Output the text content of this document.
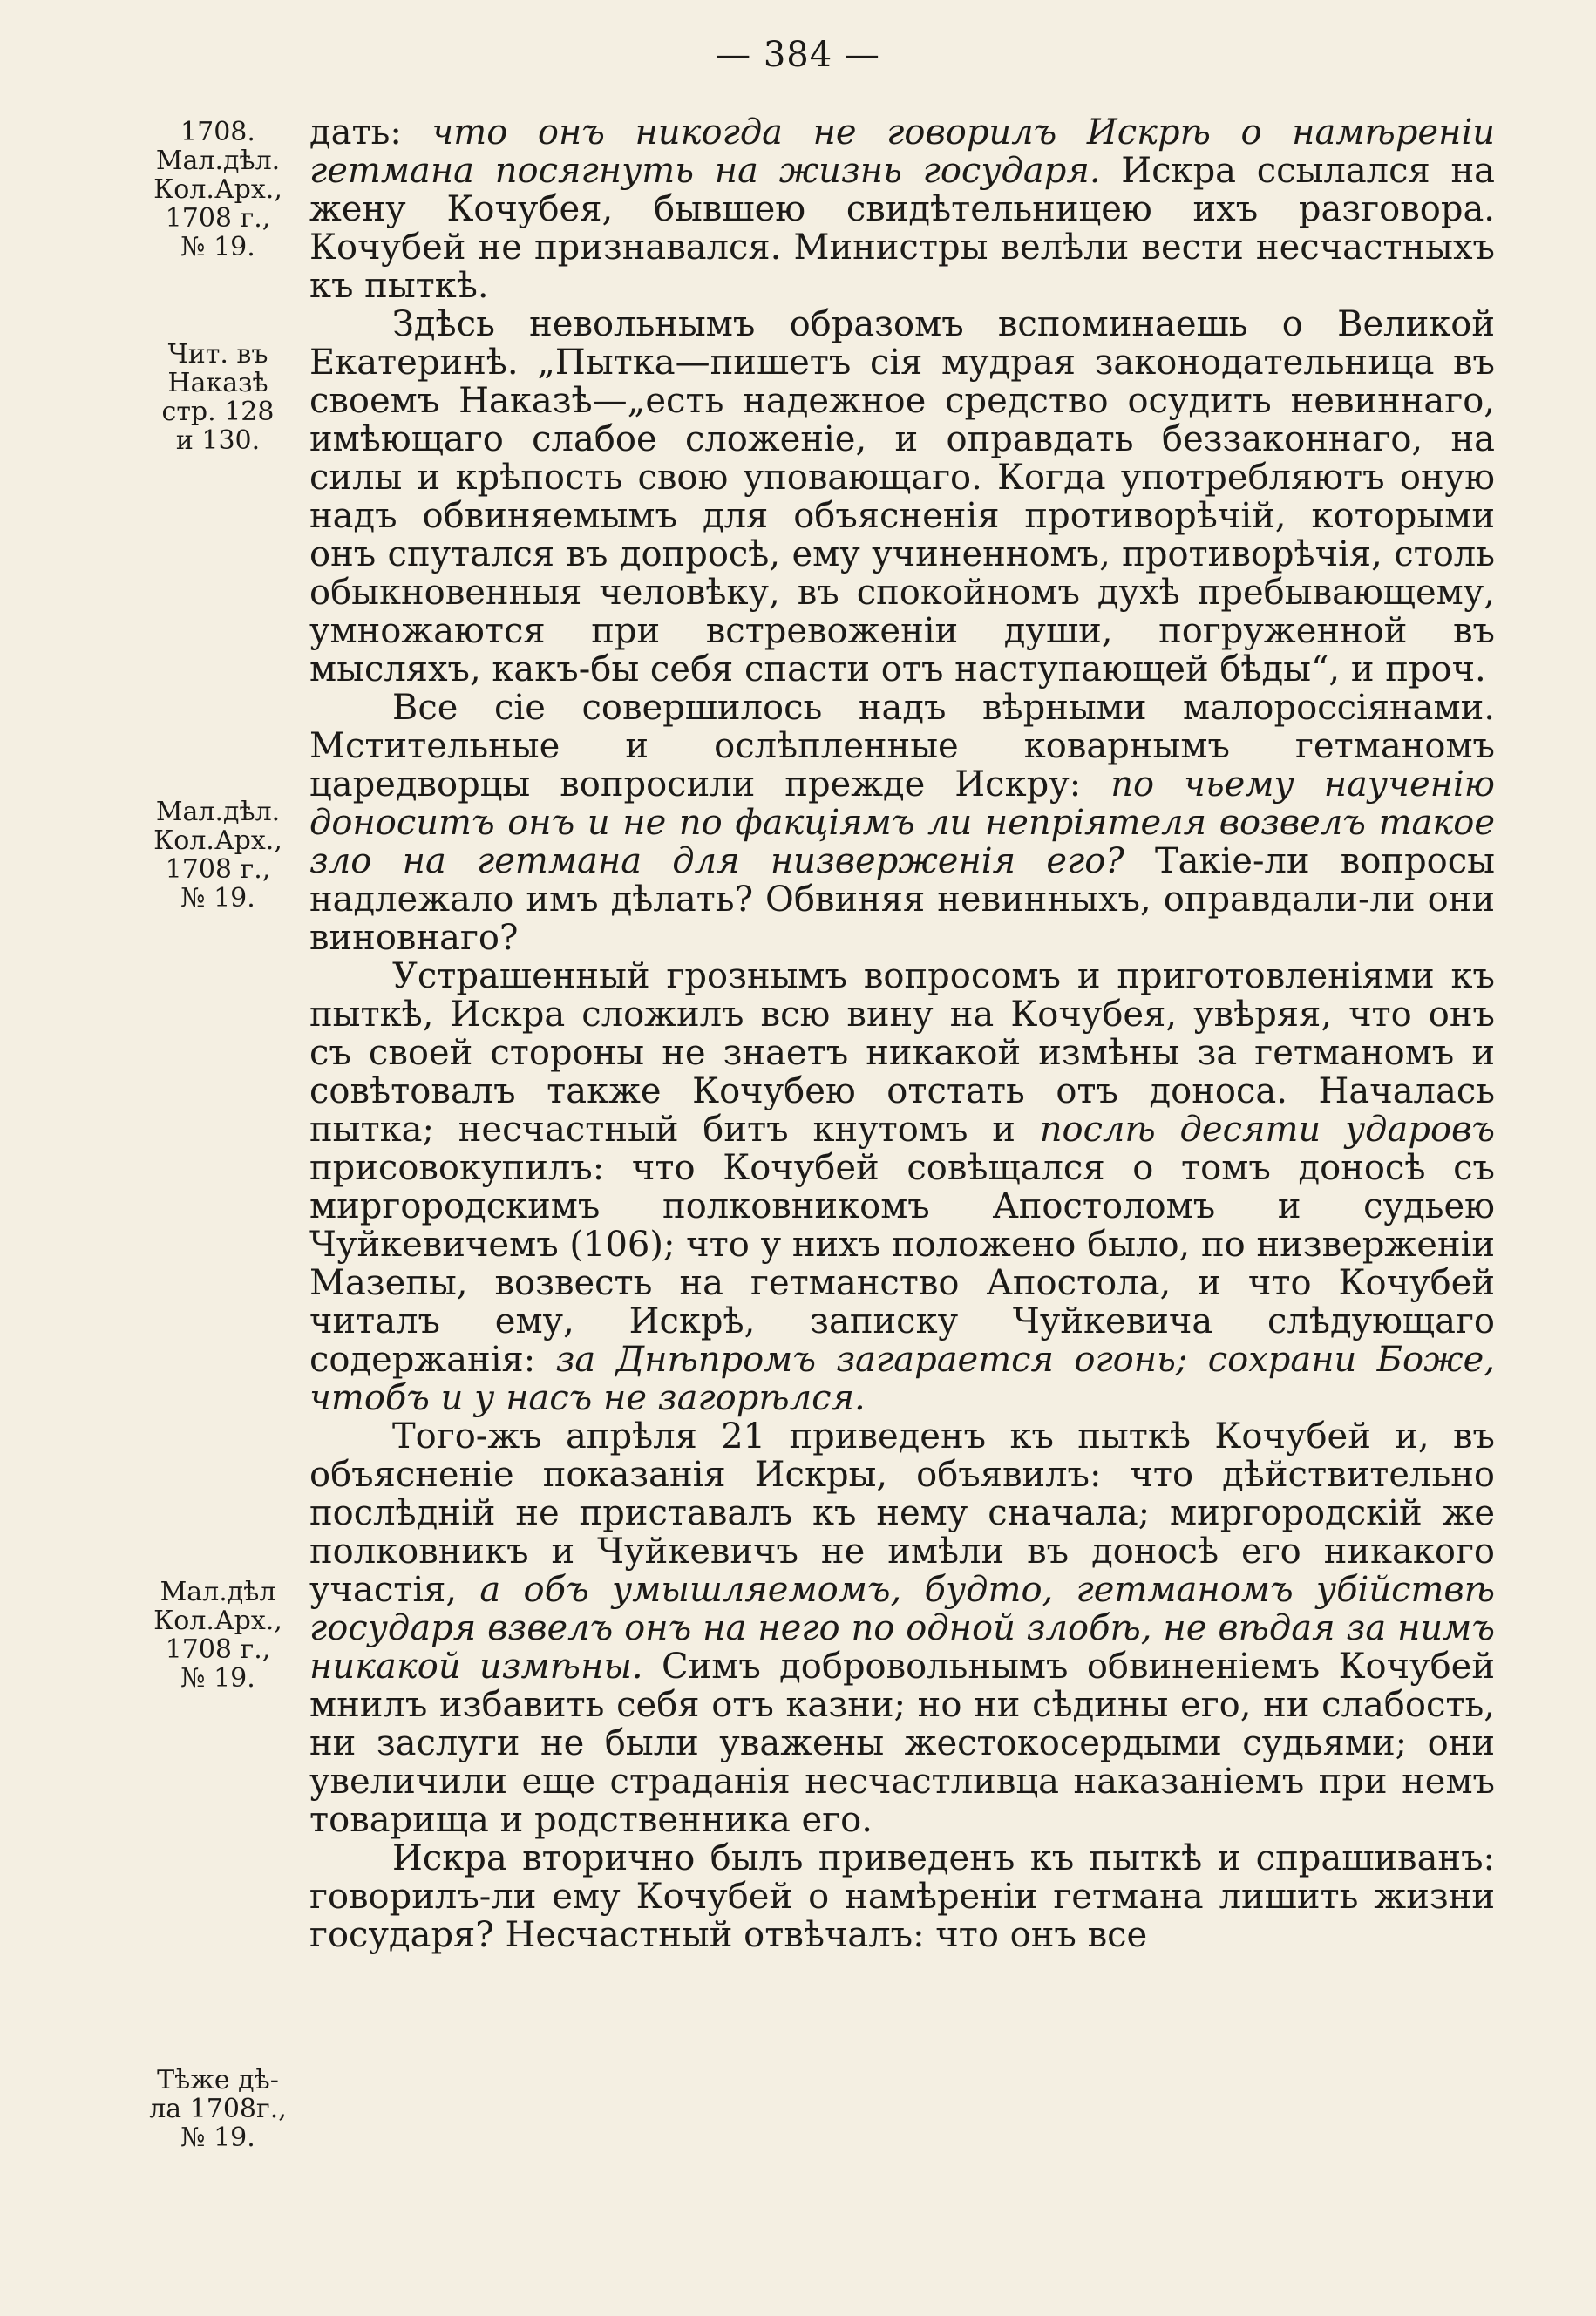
— 384 —
1708.
Мал.дѣл.
Кол.Арх.,
1708 г.,
№ 19.
Чит. въ
Наказѣ
стр. 128
и 130.
Мал.дѣл.
Кол.Арх.,
1708 г.,
№ 19.
Мал.дѣл
Кол.Арх.,
1708 г.,
№ 19.
Тѣже дѣ-
ла 1708г.,
№ 19.

дать: что онъ никогда не говорилъ Искрѣ о намѣреніи гетмана посягнуть на жизнь государя. Искра ссылался на жену Кочубея, бывшею свидѣтельницею ихъ разговора. Кочубей не признавался. Министры велѣли вести несчастныхъ къ пыткѣ.

Здѣсь невольнымъ образомъ вспоминаешь о Великой Екатеринѣ. „Пытка—пишетъ сія мудрая законодательница въ своемъ Наказѣ—„есть надежное средство осудить невиннаго, имѣющаго слабое сложеніе, и оправдать беззаконнаго, на силы и крѣпость свою уповающаго. Когда употребляютъ оную надъ обвиняемымъ для объясненія противорѣчій, которыми онъ спутался въ допросѣ, ему учиненномъ, противорѣчія, столь обыкновенныя человѣку, въ спокойномъ духѣ пребывающему, умножаются при встревоженіи души, погруженной въ мысляхъ, какъ-бы себя спасти отъ наступающей бѣды“, и проч.

Все сіе совершилось надъ вѣрными малороссіянами. Мстительные и ослѣпленные коварнымъ гетманомъ царедворцы вопросили прежде Искру: по чьему наученію доноситъ онъ и не по факціямъ ли непріятеля возвелъ такое зло на гетмана для низверженія его? Такіе-ли вопросы надлежало имъ дѣлать? Обвиняя невинныхъ, оправдали-ли они виновнаго?

Устрашенный грознымъ вопросомъ и приготовленіями къ пыткѣ, Искра сложилъ всю вину на Кочубея, увѣряя, что онъ съ своей стороны не знаетъ никакой измѣны за гетманомъ и совѣтовалъ также Кочубею отстать отъ доноса. Началась пытка; несчастный битъ кнутомъ и послѣ десяти ударовъ присовокупилъ: что Кочубей совѣщался о томъ доносѣ съ миргородскимъ полковникомъ Апостоломъ и судьею Чуйкевичемъ (106); что у нихъ положено было, по низверженіи Мазепы, возвесть на гетманство Апостола, и что Кочубей читалъ ему, Искрѣ, записку Чуйкевича слѣдующаго содержанія: за Днѣпромъ загарается огонь; сохрани Боже, чтобъ и у насъ не загорѣлся.

Того-жъ апрѣля 21 приведенъ къ пыткѣ Кочубей и, въ объясненіе показанія Искры, объявилъ: что дѣйствительно послѣдній не приставалъ къ нему сначала; миргородскій же полковникъ и Чуйкевичъ не имѣли въ доносѣ его никакого участія, а объ умышляемомъ, будто, гетманомъ убійствѣ государя взвелъ онъ на него по одной злобѣ, не вѣдая за нимъ никакой измѣны. Симъ добровольнымъ обвиненіемъ Кочубей мнилъ избавить себя отъ казни; но ни сѣдины его, ни слабость, ни заслуги не были уважены жестокосердыми судьями; они увеличили еще страданія несчастливца наказаніемъ при немъ товарища и родственника его.

Искра вторично былъ приведенъ къ пыткѣ и спрашиванъ: говорилъ-ли ему Кочубей о намѣреніи гетмана лишить жизни государя? Несчастный отвѣчалъ: что онъ все
